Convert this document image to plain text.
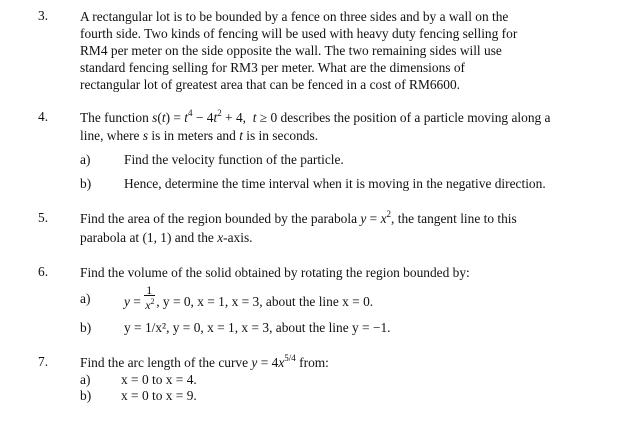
3. A rectangular lot is to be bounded by a fence on three sides and by a wall on the
fourth side. Two kinds of fencing will be used with heavy duty fencing selling for
RM4 per meter on the side opposite the wall. The two remaining sides will use
standard fencing selling for RM3 per meter. What are the dimensions of
rectangular lot of greatest area that can be fenced in a cost of RM6600.
4. The function $s(t) = t^4 - 4t^2 + 4$,  t ≥ 0 describes the position of a particle moving along a
line, where s is in meters and t is in seconds.
a)	Find the velocity function of the particle.
b) Hence, determine the time interval when it is moving in the negative direction.
5. Find the area of the region bounded by the parabola $y = x^2$, the tangent line to this
parabola at (1, 1) and the x-axis.
6. Find the volume of the solid obtained by rotating the region bounded by:
a)	$y = \frac{1}{x^2}$ , y = 0, x = 1, x = 3, about the line x = 0.
b) y = 1/x², y = 0, x = 1, x = 3, about the line y = −1.
7. Find the arc length of the curve $y = 4x^{5/4}$ from:
a) x = 0 to x = 4.
b) x = 0 to x = 9.
